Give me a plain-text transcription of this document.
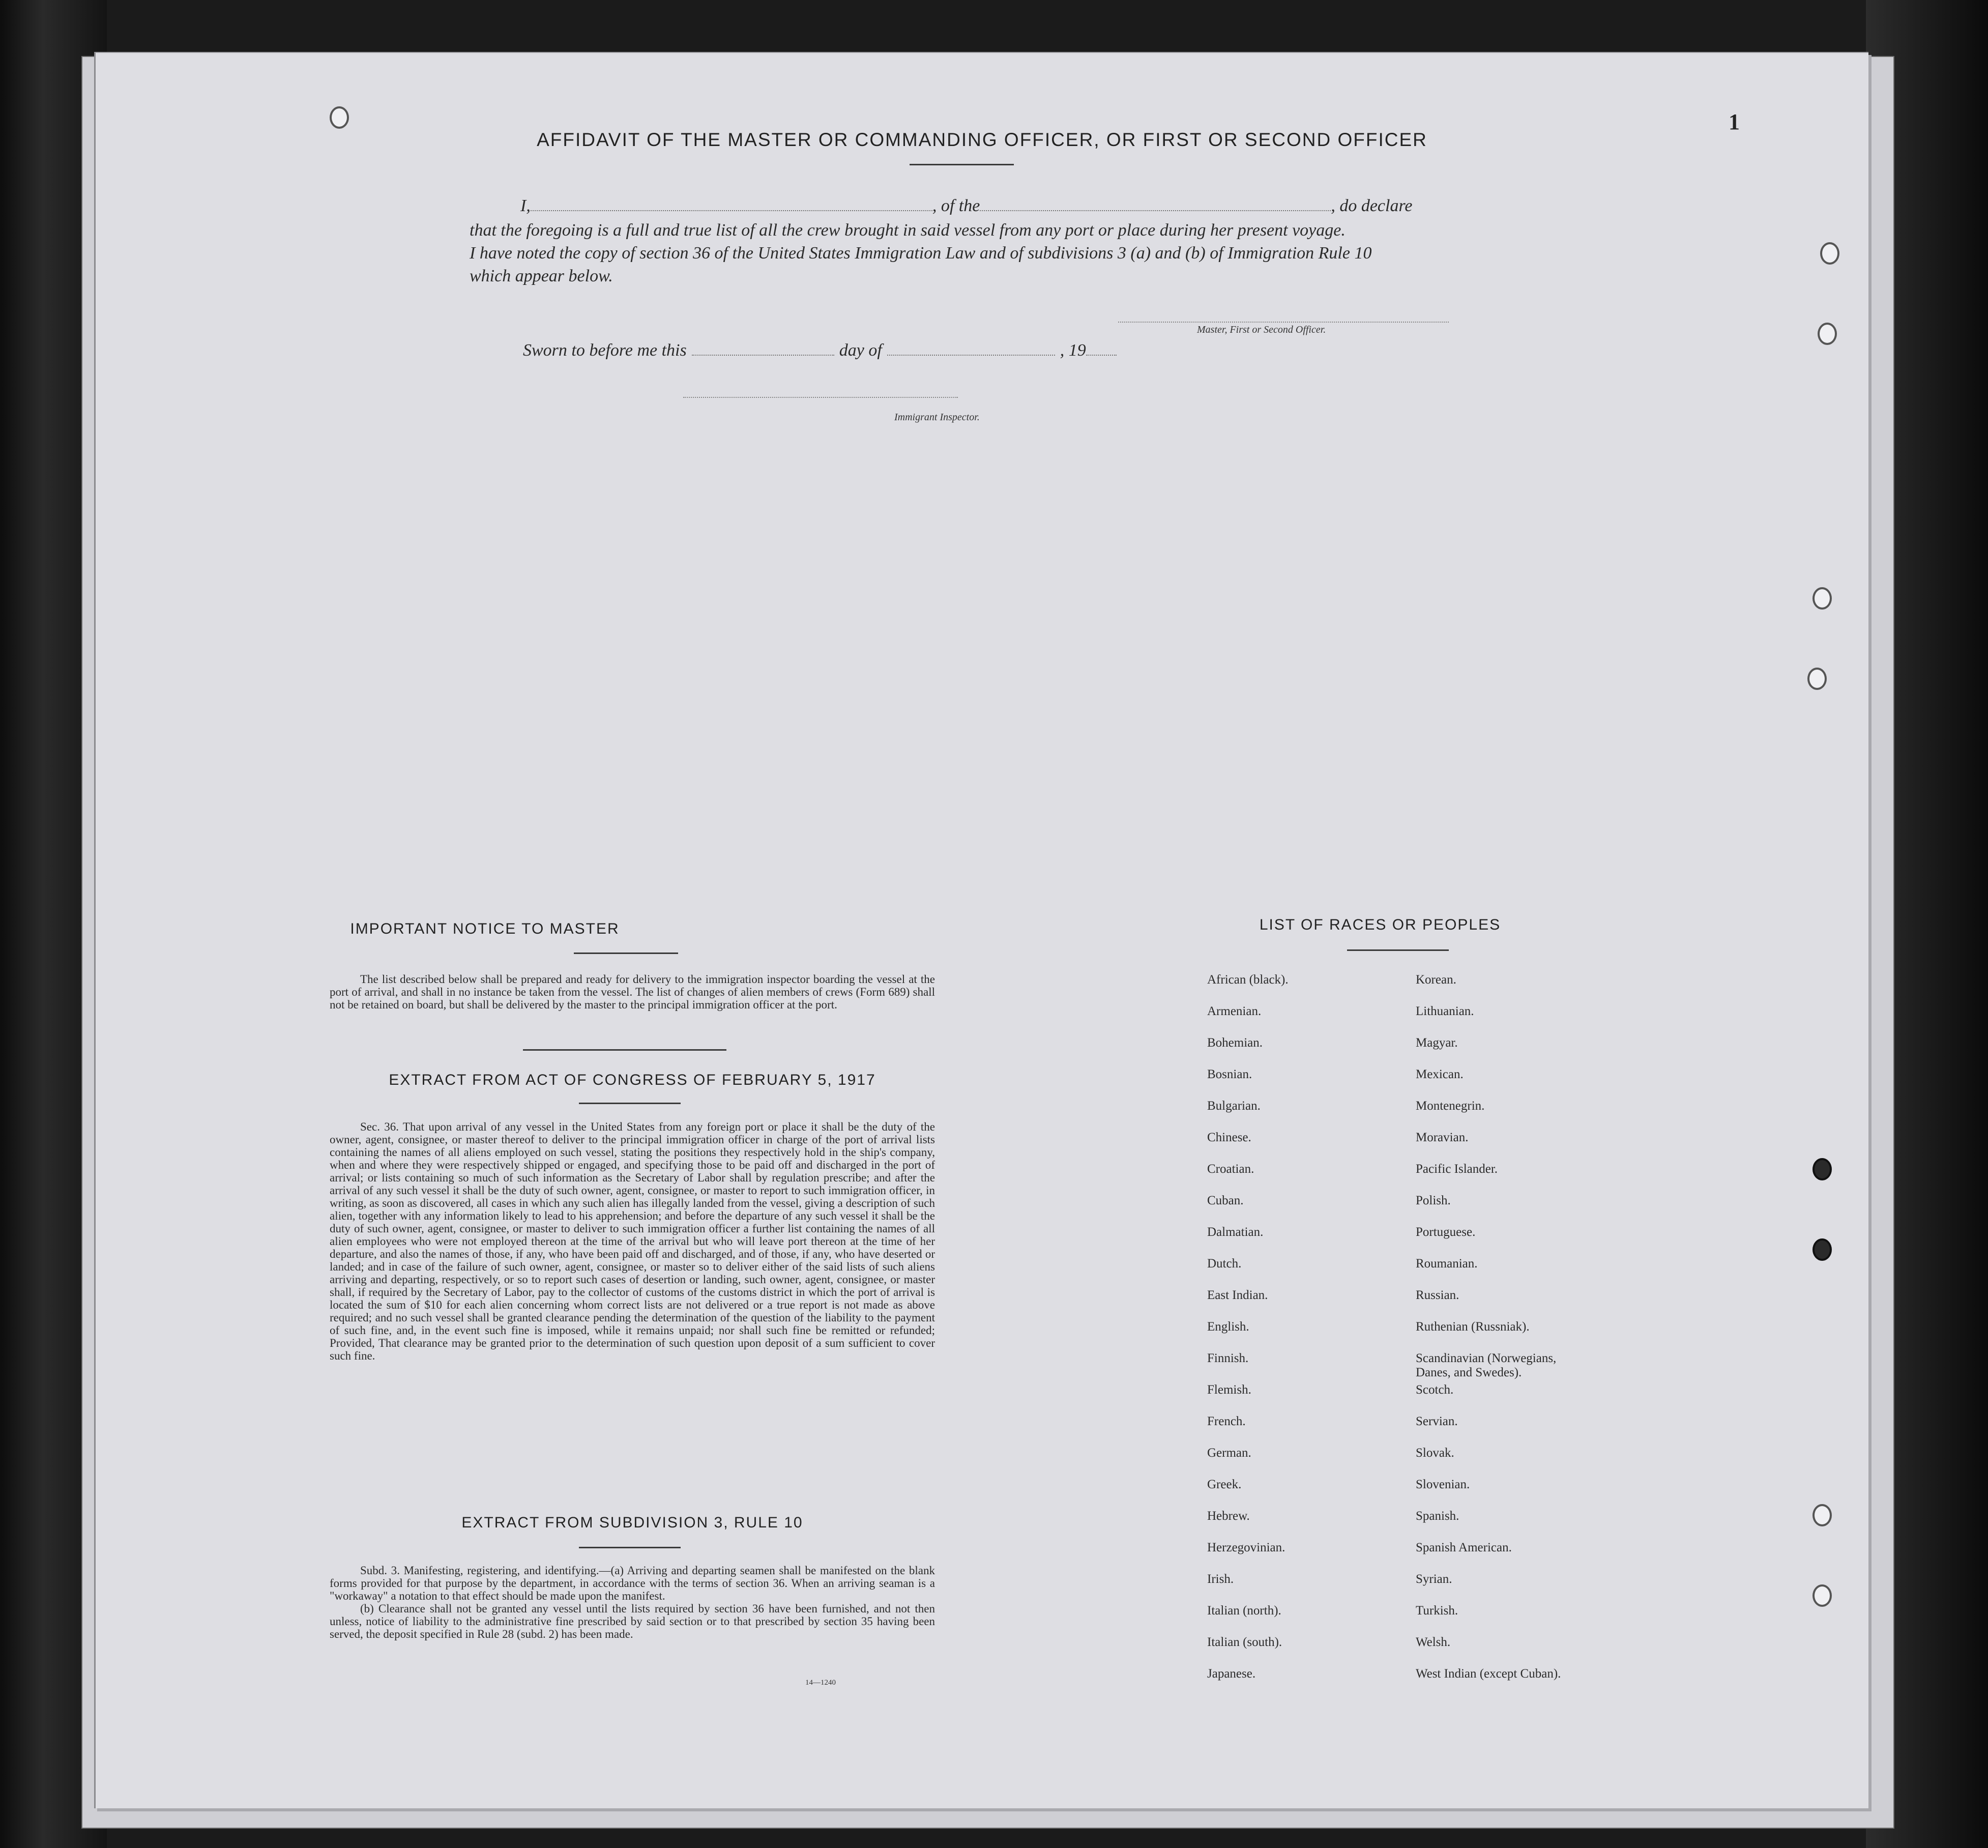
1
AFFIDAVIT OF THE MASTER OR COMMANDING OFFICER, OR FIRST OR SECOND OFFICER
I,	, of the	, do declare
that the foregoing is a full and true list of all the crew brought in said vessel from any port or place during her present voyage.
I have noted the copy of section 36 of the United States Immigration Law and of subdivisions 3 (a) and (b) of Immigration Rule 10
which appear below.
Master, First or Second Officer.
Sworn to before me this	day of	, 19
Immigrant Inspector.
IMPORTANT NOTICE TO MASTER

The list described below shall be prepared and ready for delivery to the immigration inspector boarding the vessel at the port of arrival, and shall in no instance be taken from the vessel. The list of changes of alien members of crews (Form 689) shall not be retained on board, but shall be delivered by the master to the principal immigration officer at the port.

EXTRACT FROM ACT OF CONGRESS OF FEBRUARY 5, 1917

Sec. 36. That upon arrival of any vessel in the United States from any foreign port or place it shall be the duty of the owner, agent, consignee, or master thereof to deliver to the principal immigration officer in charge of the port of arrival lists containing the names of all aliens employed on such vessel, stating the positions they respectively hold in the ship's company, when and where they were respectively shipped or engaged, and specifying those to be paid off and discharged in the port of arrival; or lists containing so much of such information as the Secretary of Labor shall by regulation prescribe; and after the arrival of any such vessel it shall be the duty of such owner, agent, consignee, or master to report to such immigration officer, in writing, as soon as discovered, all cases in which any such alien has illegally landed from the vessel, giving a description of such alien, together with any information likely to lead to his apprehension; and before the departure of any such vessel it shall be the duty of such owner, agent, consignee, or master to deliver to such immigration officer a further list containing the names of all alien employees who were not employed thereon at the time of the arrival but who will leave port thereon at the time of her departure, and also the names of those, if any, who have been paid off and discharged, and of those, if any, who have deserted or landed; and in case of the failure of such owner, agent, consignee, or master so to deliver either of the said lists of such aliens arriving and departing, respectively, or so to report such cases of desertion or landing, such owner, agent, consignee, or master shall, if required by the Secretary of Labor, pay to the collector of customs of the customs district in which the port of arrival is located the sum of $10 for each alien concerning whom correct lists are not delivered or a true report is not made as above required; and no such vessel shall be granted clearance pending the determination of the question of the liability to the payment of such fine, and, in the event such fine is imposed, while it remains unpaid; nor shall such fine be remitted or refunded; Provided, That clearance may be granted prior to the determination of such question upon deposit of a sum sufficient to cover such fine.

EXTRACT FROM SUBDIVISION 3, RULE 10

Subd. 3. Manifesting, registering, and identifying.—(a) Arriving and departing seamen shall be manifested on the blank forms provided for that purpose by the department, in accordance with the terms of section 36. When an arriving seaman is a "workaway" a notation to that effect should be made upon the manifest.

(b) Clearance shall not be granted any vessel until the lists required by section 36 have been furnished, and not then unless, notice of liability to the administrative fine prescribed by said section or to that prescribed by section 35 having been served, the deposit specified in Rule 28 (subd. 2) has been made.

14—1240
LIST OF RACES OR PEOPLES
African (black).
Armenian.
Bohemian.
Bosnian.
Bulgarian.
Chinese.
Croatian.
Cuban.
Dalmatian.
Dutch.
East Indian.
English.
Finnish.
Flemish.
French.
German.
Greek.
Hebrew.
Herzegovinian.
Irish.
Italian (north).
Italian (south).
Japanese.
Korean.
Lithuanian.
Magyar.
Mexican.
Montenegrin.
Moravian.
Pacific Islander.
Polish.
Portuguese.
Roumanian.
Russian.
Ruthenian (Russniak).
Scandinavian (Norwegians,
Danes, and Swedes).
Scotch.
Servian.
Slovak.
Slovenian.
Spanish.
Spanish American.
Syrian.
Turkish.
Welsh.
West Indian (except Cuban).
